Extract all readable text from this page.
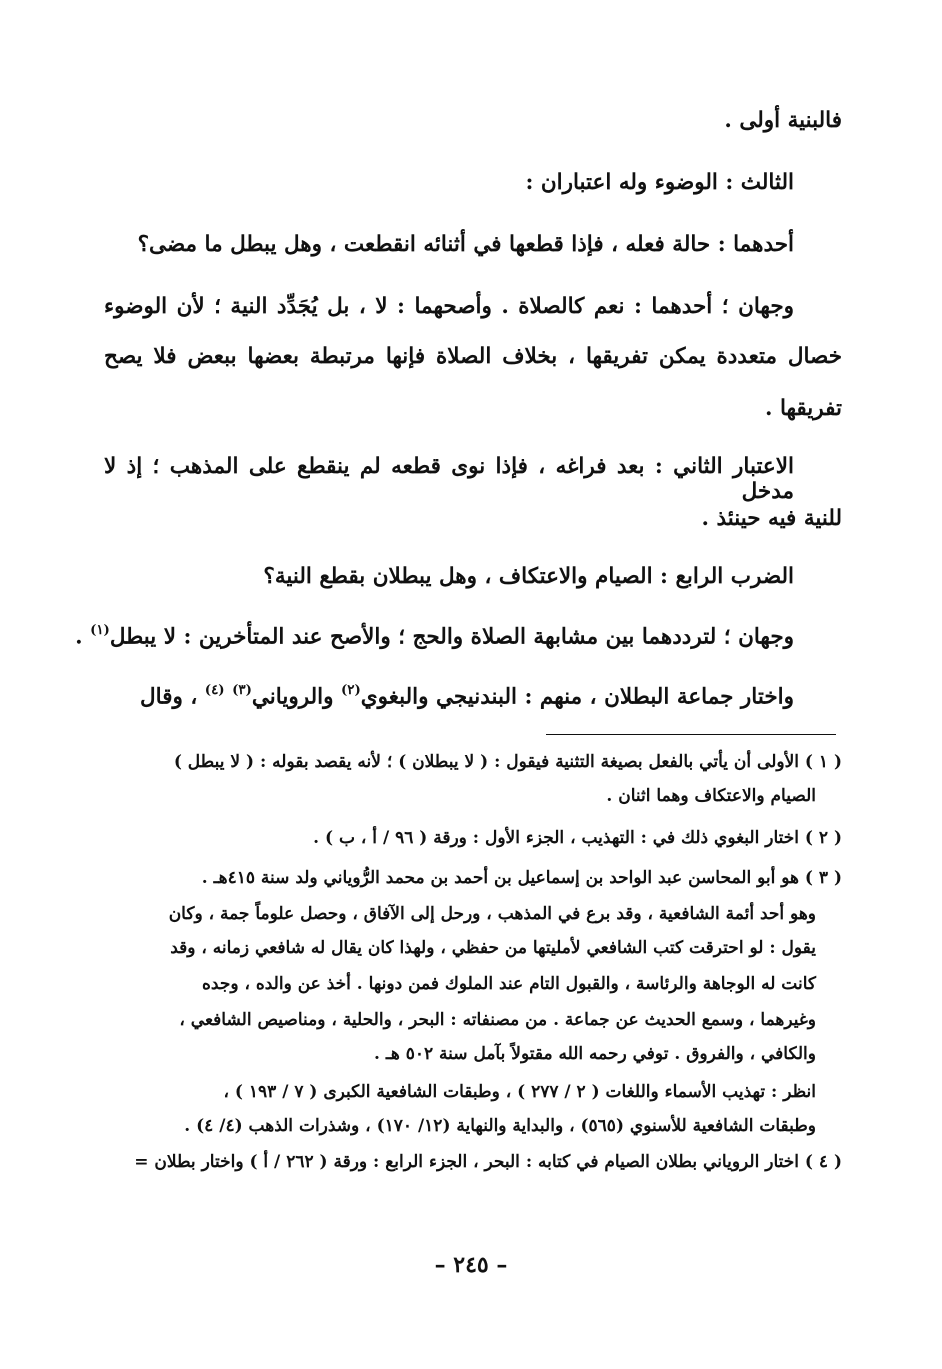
فالبنية أولى .
الثالث : الوضوء وله اعتباران :
أحدهما : حالة فعله ، فإذا قطعها في أثنائه انقطعت ، وهل يبطل ما مضى؟
وجهان ؛ أحدهما : نعم كالصلاة . وأصحهما : لا ، بل يُجَدِّد النية ؛ لأن الوضوء
خصال متعددة يمكن تفريقها ، بخلاف الصلاة فإنها مرتبطة بعضها ببعض فلا يصح
تفريقها .
الاعتبار الثاني : بعد فراغه ، فإذا نوى قطعه لم ينقطع على المذهب ؛ إذ لا مدخل
للنية فيه حينئذ .
الضرب الرابع : الصيام والاعتكاف ، وهل يبطلان بقطع النية؟
وجهان ؛ لترددهما بين مشابهة الصلاة والحج ؛ والأصح عند المتأخرين : لا يبطل$^{(١)}$ .
واختار جماعة البطلان ، منهم : البندنيجي والبغوي$^{(٢)}$ والروياني$^{(٣)}$ $^{(٤)}$ ، وقال
( ١ ) الأولى أن يأتي بالفعل بصيغة التثنية فيقول : ( لا يبطلان ) ؛ لأنه يقصد بقوله : ( لا يبطل )
الصيام والاعتكاف وهما اثنان .
( ٢ ) اختار البغوي ذلك في : التهذيب ، الجزء الأول : ورقة ( ٩٦ / أ ، ب ) .
( ٣ ) هو أبو المحاسن عبد الواحد بن إسماعيل بن أحمد بن محمد الرُّوياني ولد سنة ٤١٥هـ .
وهو أحد أئمة الشافعية ، وقد برع في المذهب ، ورحل إلى الآفاق ، وحصل علوماً جمة ، وكان
يقول : لو احترقت كتب الشافعي لأمليتها من حفظي ، ولهذا كان يقال له شافعي زمانه ، وقد
كانت له الوجاهة والرئاسة ، والقبول التام عند الملوك فمن دونها . أخذ عن والده ، وجده
وغيرهما ، وسمع الحديث عن جماعة . من مصنفاته : البحر ، والحلية ، ومناصيص الشافعي ،
والكافي ، والفروق . توفي رحمه الله مقتولاً بآمل سنة ٥٠٢ هـ .
انظر : تهذيب الأسماء واللغات ( ٢ / ٢٧٧ ) ، وطبقات الشافعية الكبرى ( ٧ / ١٩٣ ) ،
وطبقات الشافعية للأسنوي (٥٦٥) ، والبداية والنهاية (١٢/ ١٧٠) ، وشذرات الذهب (٤/ ٤) .
( ٤ ) اختار الروياني بطلان الصيام في كتابه : البحر ، الجزء الرابع : ورقة ( ٢٦٢ / أ ) واختار بطلان =
– ٢٤٥ –
